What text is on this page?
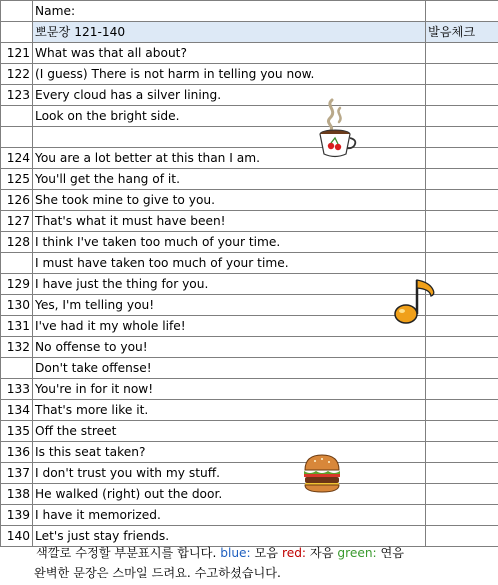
	Name:	
	뽀문장 121-140	발음체크
121	What was that all about?	
122	(I guess) There is not harm in telling you now.	
123	Every cloud has a silver lining.	
	Look on the bright side.	

124	You are a lot better at this than I am.	
125	You'll get the hang of it.	
126	She took mine to give to you.	
127	That's what it must have been!	
128	I think I've taken too much of your time.	
	I must have taken too much of your time.	
129	I have just the thing for you.	
130	Yes, I'm telling you!	
131	I've had it my whole life!	
132	No offense to you!	
	Don't take offense!	
133	You're in for it now!	
134	That's more like it.	
135	Off the street	
136	Is this seat taken?	
137	I don't trust you with my stuff.	
138	He walked (right) out the door.	
139	I have it memorized.	
140	Let's just stay friends.	
색깔로 수정할 부분표시를 합니다. blue: 모음 red: 자음 green: 연음
완벽한 문장은 스마일 드려요. 수고하셨습니다.
